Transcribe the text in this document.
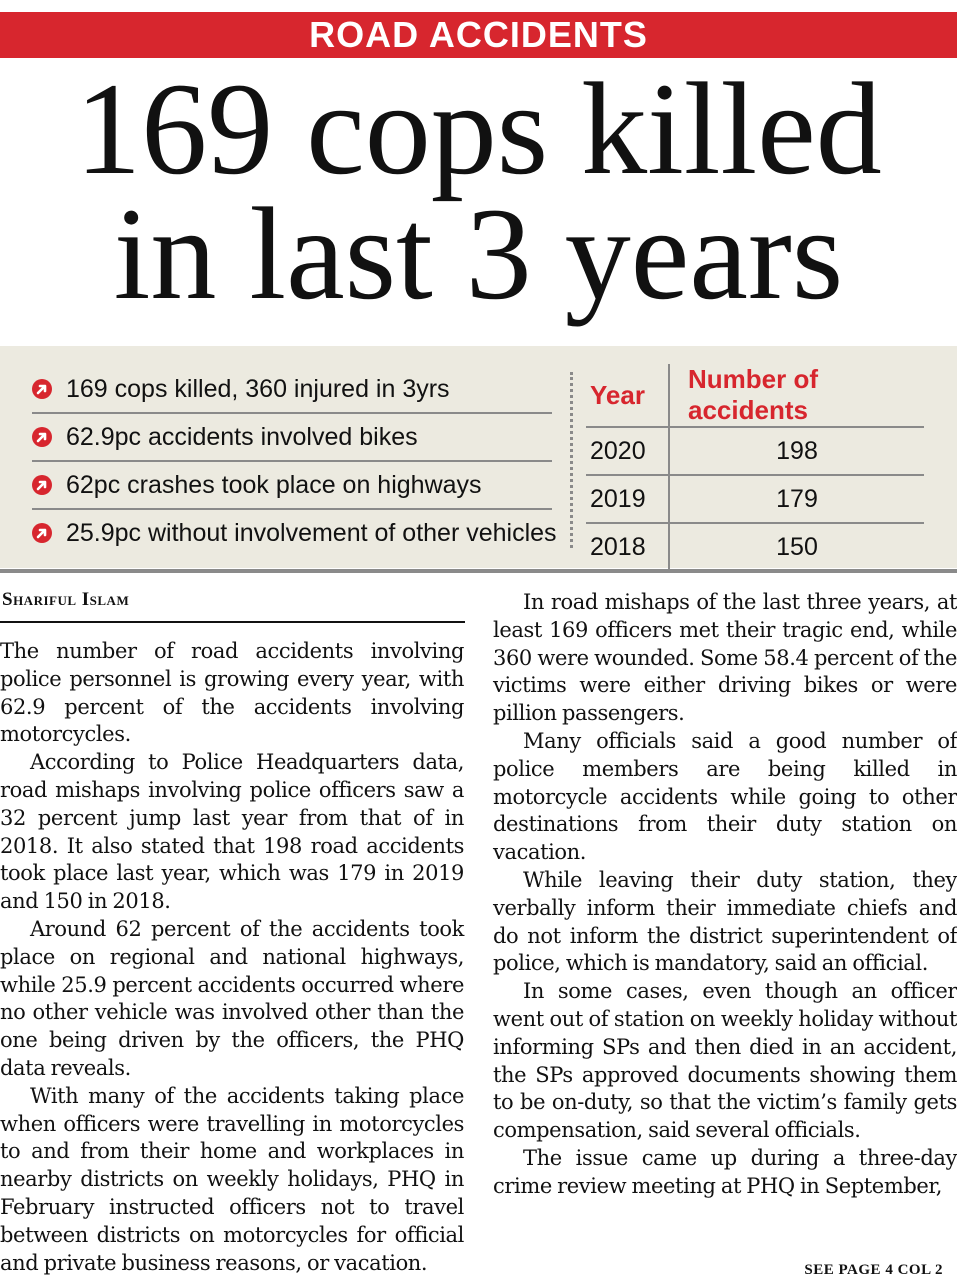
ROAD ACCIDENTS
169 cops killed
in last 3 years
169 cops killed, 360 injured in 3yrs
62.9pc accidents involved bikes
62pc crashes took place on highways
25.9pc without involvement of other vehicles
Year	Number of accidents
2020	198
2019	179
2018	150
Shariful Islam

The number of road accidents involving police personnel is growing every year, with 62.9 percent of the accidents involving motorcycles.

According to Police Headquarters data, road mishaps involving police officers saw a 32 percent jump last year from that of in 2018. It also stated that 198 road accidents took place last year, which was 179 in 2019 and 150 in 2018.

Around 62 percent of the accidents took place on regional and national highways, while 25.9 percent accidents occurred where no other vehicle was involved other than the one being driven by the officers, the PHQ data reveals.

With many of the accidents taking place when officers were travelling in motorcycles to and from their home and workplaces in nearby districts on weekly holidays, PHQ in February instructed officers not to travel between districts on motorcycles for official and private business reasons, or vacation.

In road mishaps of the last three years, at least 169 officers met their tragic end, while 360 were wounded. Some 58.4 percent of the victims were either driving bikes or were pillion passengers.

Many officials said a good number of police members are being killed in motorcycle accidents while going to other destinations from their duty station on vacation.

While leaving their duty station, they verbally inform their immediate chiefs and do not inform the district superintendent of police, which is mandatory, said an official.

In some cases, even though an officer went out of station on weekly holiday without informing SPs and then died in an accident, the SPs approved documents showing them to be on-duty, so that the victim’s family gets compensation, said several officials.

The issue came up during a three-day crime review meeting at PHQ in September,

SEE PAGE 4 COL 2
